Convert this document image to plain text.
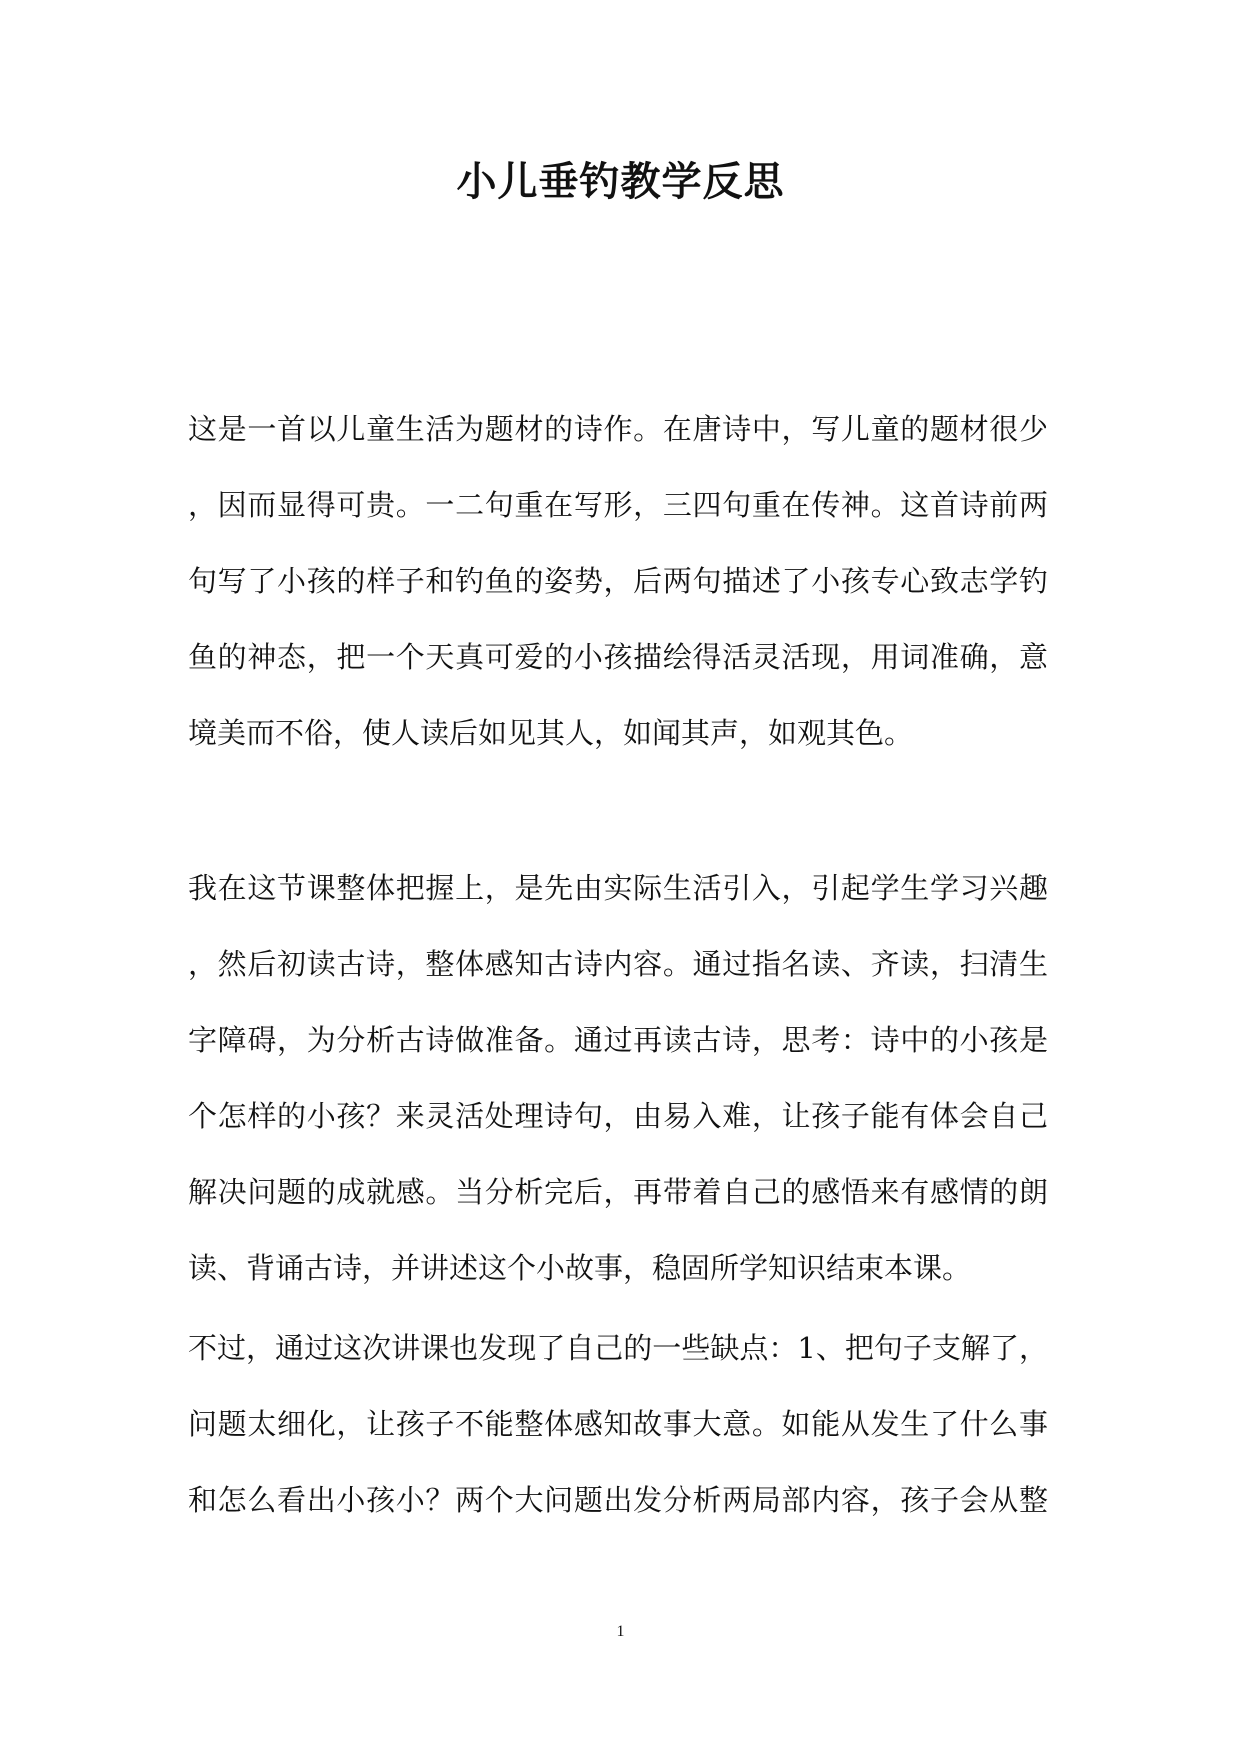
小儿垂钓教学反思
这是一首以儿童生活为题材的诗作。在唐诗中，写儿童的题材很少
，因而显得可贵。一二句重在写形，三四句重在传神。这首诗前两
句写了小孩的样子和钓鱼的姿势，后两句描述了小孩专心致志学钓
鱼的神态，把一个天真可爱的小孩描绘得活灵活现，用词准确，意
境美而不俗，使人读后如见其人，如闻其声，如观其色。
我在这节课整体把握上，是先由实际生活引入，引起学生学习兴趣
，然后初读古诗，整体感知古诗内容。通过指名读、齐读，扫清生
字障碍，为分析古诗做准备。通过再读古诗，思考：诗中的小孩是
个怎样的小孩？来灵活处理诗句，由易入难，让孩子能有体会自己
解决问题的成就感。当分析完后，再带着自己的感悟来有感情的朗
读、背诵古诗，并讲述这个小故事，稳固所学知识结束本课。
不过，通过这次讲课也发现了自己的一些缺点：1、把句子支解了，
问题太细化，让孩子不能整体感知故事大意。如能从发生了什么事
和怎么看出小孩小？两个大问题出发分析两局部内容，孩子会从整
1
